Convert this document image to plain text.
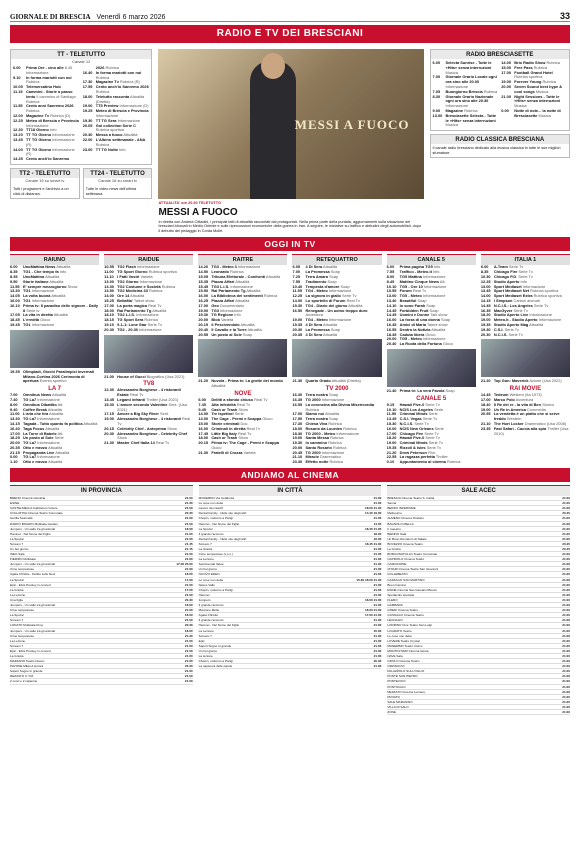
GIORNALE DI BRESCIA Venerdì 6 marzo 2026	33
RADIO E TV DEI BRESCIANI
TT - TELETUTTO
Canale 12
6.00	Prima Ore - cino alle 8.45 Informazione
9.10	In forma mariotti con noi Rubrica
10.05 Telemercatino Hub
11.15 Cammini - Storie a passo lento Il cammino di Santiago Rubrica
11.55 Cento anni Sanremo 2026 Rubrica
12.00 Magazine Tv Rubrica (D)
12.25 Meteo di Brescia e Provincia Informazione
12.30 TT18 Giorno Info
13.20 TT TG Giorno Informazione
13.45 TT TG Giorno Informazione (R)
14.00 TT TG Giorno Informazione (R)
14.35 Cento anch'io Sanremo
2026 Rubrica
16.40 In forma mariotti con noi Rubrica
17.30 Magazine Tv Rubrica (R)
17.55 Cento anch'io Sanremo 2026 Rubrica
18.00 Teletutto racconta Attualità (Diretta)
19.00 TT5 Preview Informazione (D)
19.25 Meteo di Brescia e Provincia Informazione
19.30 TT TG Sera Informazione
20.05 Gol collection Serie C Rubrica sportiva
20.30 Messa a fuoco Attualità
22.00 L'Albino settimanale - ANA Rubrica
23.00 TT TG Notte Info
TT2 - TELETUTTO
Canale 15 su smart tv
Tutti i programmi e l'archivio a un click di distanza.
TT24 - TELETUTTO
Canale 16 su smart tv
Tutte le video news dell'ultima settimana.
MESSI A FUOCO
ATTUALITA' ore 20.30 TELETUTTO
MESSI A FUOCO
In diretta con Andrea Cittadini, i principali fatti di attualità raccontati dai protagonisti. Nella prima parte della puntata, aggiornamenti sulla situazione dei bresciani bloccati in Medio Oriente e sulle ripercussioni economiche della guerra in Iran. A seguire, le iniziative su traffico e abitudini degli automobilisti, dopo il debutto del pedaggio in Corda Molle.
RADIO BRESCIASETTE
6.00	Selecta Sunrise - Tutte le «Hits» senza interruzioni Musica
7.00	Giornale Orario Locale ogni ora sino alle 20.00 Informazione
7.05	Buongiorno Brescia Rubrica
8.30	Giornale Orario Nazionale ogni ora sino alle 20.30 Informazione
9.00	Magazine Rubrica
13.00 Bresciasette Selecta - Tutte le «Hits» senza interruzioni Musica
14.00 Brio Radio Show Rubrica
15.00 Free Pass Rubrica
17.00 Football Grand Hotel Rubrica sportiva
19.00 Forever Young Rubrica
20.00 Seven Sound best hype & cool songs Musica
21.00 Night Sessions - Tutte le «Hits» senza interruzioni Musica
0.00	Notte di note... la notte di Bresciasette Musica
RADIO CLASSICA BRESCIANA
Il canale radio bresciano dedicato alla musica classica in tutte le sue migliori sfumature.
OGGI IN TV
RAIUNO
6.00	UnoMattina News Attualità
8.35	TG1 - Che tempo fa Info
8.35	UnoMattina Attualità
9.50	Storie italiane Attualità
11.55 E' sempre mezzogiorno Show
13.30 TG1 Informazione
14.05 La volta buona Attualità
16.00 TG1 Informazione
16.10 Prima tv: Il paradiso delle signore - Daily 8 Serie tv
17.05 La vita in diretta Attualità
18.45 L'eredità Gioco
19.45 TG1 Informazione
19.35 Olimpiadi, Giochi Paralimpici Invernali Milano-Cortina 2026 Cerimonia di apertura Evento sportivo
LA 7
7.00	Omnibus News Attualità
7.40	TG La7 Informazione
8.00	Omnibus Dibattito Att.
9.40	Coffee Break Attualità
11.00 L'aria che tira Attualità
13.30 TG La7 Informazione
14.15 Tagadà - Tutto quanto fa politica Attualità
16.40 Taga Focus Attualità
17.00 La Torre di Babele Att.
18.25 Un posto al Sole Serie
20.00 TG La7 Informazione
20.35 Otto e mezzo Attualità
21.15 Propaganda Live Attualità
0.00	TG La7 Informazione
1.10	Otto e mezzo Attualità
RAIDUE
10.55 TG2 Flash Informazione
11.00 TG Sport Giorno Rubrica sportiva
11.10 I Fatti Vostri Varietà
13.00 TG2 Giorno Informazione
13.30 TG2 Costume e Società Rubrica
13.50 TG2 Medicina 33 Rubrica
14.00 Ore 14 Attualità
15.25 BellaMa' Talent show
17.00 La porta magica Real Tv
18.00 Rai Parlamento Tg Attualità
18.10 TG2 L.I.S. Informazione
18.15 TG Sport Sera Rubrica
19.10 9-1-1: Lone Star Serie Tv
20.30 TG2 - 20.30 Informazione
21.00 House of Gucci Biografico (Usa 2021)
TV8
12.30 Alessandro Borghese - 4 ristoranti Estate Real Tv
13.45 Legami infranti Thriller (Usa 2021)
15.30 L'amore secondo Valentine Sent. (Usa 2021)
17.15 Amore a Big Sky River Sent.
19.00 Alessandro Borghese - 4 ristoranti Real Tv
20.15 Celebrity Chef - Anteprima Show
20.30 Alessandro Borghese - Celebrity Chef Show
21.30 Master Chef Italia 14 Real Tv
RAITRE
14.20 TG3 - Meteo 3 Informazione
14.50 Leonardo Rubrica
15.05 Tribuna Elettorale - Confronti Attualità
15.35 Piazza Affari Attualità
15.45 TG3 L.I.S. Informazione
15.50 Rai Parlamento Tg Attualità
16.00 La Biblioteca dei sentimenti Rubrica
16.25 Piazza Affari Attualità
17.00 Geo Documentario
19.00 TG3 Informazione
19.30 TG Regione Info
20.00 Blob Varietà
20.15 Il Pescivendolo Attualità
20.40 Il Cavallo e la Torre Attualità
20.55 Un posto al Sole Soap
21.20 Nuvola - Prima tv: La grotte del mondo Attualità
NOVE
6.00	Delitti a sfondo chiuso Real Tv
7.45	Alta infedeltà Real Tv
9.45	Cash or Trash Show
14.00 Tre Ispettori Serie
14.00 The Cage - Premi e Scappa Gioco
15.00 Storie criminali Doc.
16.00 Criminali in diretta Real Tv
17.45 Little Big Italy Real Tv
18.00 Cash or Trash Show
20.15 Prima tv: The Cage - Premi e Scappa Gioco
21.30 Fratelli di Crozza Varietà
RETEQUATTRO
6.05	4 Di Sera Attualità
7.00	La Promessa Soap
7.25	Terra Amara Soap
7.55	Tradimento Soap
10.40 Tempesta d'amore Soap
11.55 TG4 - Meteo Informazione
12.25 La signora in giallo Serie Tv
14.00 Lo sportello di Forum Real Tv
15.30 TG4 - Diario del giorno Attualità
16.50 Renegade - Un uomo troppo duro Avventura
19.00 TG4 - Meteo Informazione
19.35 4 Di Sera Attualità
20.30 La Promessa Soap
20.35 4 Di Sera Attualità
21.30 Quarto Grado Attualità (Diretta)
TV 2000
16.30 Terra nostra Soap
16.35 TG 2000 Informazione
16.55 La coroncina alla Divina Misericordia Rubrica
17.00 Siamo noi Attualità
17.50 Terra nostra Soap
17.30 Chiesa Viva Rubrica
18.00 Rosario da Lourdes Rubrica
18.30 TG 2000 - Meteo Informazione
19.00 Santa Messa Rubrica
19.30 In cammino Rubrica
20.00 Santo Rosario Rubrica
20.45 TG 2000 Informazione
21.10 Miracle Drammatico
23.30 Effetto notte Rubrica
CANALE 5
6.00	Prima pagina TG5 Info
7.55	Traffico - Meteo.it Info
8.00	TG5 Mattina Informazione
8.45	Mattino Cinque News Att.
10.10 TG5 - Ore 10 Informazione
10.55 Forum Real Tv
13.00 TG5 - Meteo Informazione
13.40 Beautiful Soap
14.10 Io sono Farah Soap
14.45 Forbidden Fruit Soap
14.45 Uomini e Donne Talk show
16.00 La forza di una donna Soap
16.45 Amici di Maria Talent show
16.55 Dentro la Notizia Attualità
18.45 Caduta libera Gioco
20.00 TG5 - Meteo Informazione
20.40 La Ruota della Fortuna Gioco
21.40 Prima tv: La vera Favola Soap
CANALE 5
9.15	Hawaii Five-0 Serie Tv
10.10 NCIS Los Angeles Serie
11.50 Criminal Minds Serie
13.45 C.S.I. Vegas Serie Tv
15.30 N.C.I.S. Serie Tv
16.00 NCIS New Orleans Serie
17.00 Chicago Fire Serie Tv
18.20 Hawaii Five-0 Serie Tv
19.00 Criminal Minds Serie Tv
19.35 Rizzoli & Isles Serie Tv
21.20 Drew Peterson Film
22.55 La ragazza perfetta Thriller
0.10	Appuntamento al cinema Rubrica
ITALIA 1
6.00	A-Team Serie Tv
8.35	Chicago Fire Serie Tv
10.30 Chicago P.D. Serie Tv
12.25 Studio Aperto Info
13.00 Sport Mediaset Informazione
13.45 Sport Mediaset Net Rubrica sportiva
14.00 Sport Mediaset Extra Rubrica sportiva
14.15 I Simpson Cartoni animati
14.45 N.C.I.S.: Los Angeles Serie Tv
16.35 MacGyver Serie Tv
18.20 Studio Aperto Live Informazione
19.00 Meteo.it - Studio Aperto Informazione
19.35 Studio Aperto Mag Attualità
19.30 C.S.I. Serie Tv
20.30 N.C.I.S. Serie Tv
21.20 Top Gun: Maverick Azione (Usa 2022)
RAI MOVIE
14.45 Tedeum Western (Ita 1973)
17.00 Marco Polo Avventura
18.40 Il Re dei re - la vita di Ben Storico
19.00 Un Re in America Commedia
20.55 La vendetta è un piatto che si serve freddo Western
21.10 The Hurt Locker Drammatico (Usa 2008)
23.35 Fast Safari - Caccia alla spia Thriller (Usa 2010)
ANDIAMO AL CINEMA
IN PROVINCIA
BRENO Cinema Giustizia	21.00
ESINE	21.30
CASTELMELLA Auditorium Colere	21.00
COLLATINA Cinema Teatro Comunale	20.30
Gorilla Scarcella	21.00
DARFO BOARIO Multisala Garden	21.00
Jumpers - Un salto tra gli animali	18.00
Hamnet - Nel Nome del Figlio	21.00
La Spoza!	21.00
Scream 7	21.45
Un bel giorno	21.15
ISEO Sala	21.00
FIERIDO Multisala	21.00
Jumpers - Un salto tra gli animali	17.00 20.00
Cime tempestose	21.00
Agata Christie - Delitto sulle Nevi	18.00
La Spoza!	17.00
Epic - Elvis Presley in concert	21.00
La Grazia	17.00
La Lezione	21.00
Una figlia	20.30
Jumpers - Un salto tra gli animali	18.00
Cime tempestose	21.00
La Spoza!	18.00
Scream 7	21.00
LONATO Multisala King	20.30
Jumpers - Un salto tra gli animali	18.00
Cime tempestose	21.30
La Lezione	21.00
Scream 7	21.00
Epic - Elvis Presley in concert	21.00
La Grazia	21.00
MAZZANO Teatro Nuovo	21.00
PAVONE MELLA Aurora	20.30
Sapori Sogno in grande	21.00
REZZATO C.T.M.	21.00
2 cuori e 2 capanne	21.00
IN CITTÀ
MODERNO Via Cefalonia	21.00
Le cose non dette	21.00
Lavoro da maschi	18.00 21.00
Rental Family - Nelle vite degli altri	14.40 19.00
Chopin, notturno a Parigi	21.00
Hamnet - Nel Nome del Figlio	14.35
La Spoza!	18.45 21.05
Il grande racconto	18.00
Rental Family - Nelle vite degli altri	16.00
Scream 7	18.45 21.00
La Grazia	21.00
Cime tempestose (v.o.s.)	21.05
La Lezione	21.00
Sentimental Value	21.00
Un bel giorno	21.00
NUOVO EDEN	21.00
Le cose non dette	15.30 18.00 21.00
Nasce Valle	21.00
Chopin, notturno a Parigi	21.00
Hamnet	21.00
Jumpers	18.00 21.00
Il grande racconto	21.00
Missione Melie	18.30 21.00
Agata Christie	17.00 21.00
Il grande racconto	21.00
Hamnet - Nel Nome del Figlio	21.00
La Lezione	15.00
Scream 7	21.00
Epic	21.00
Sapori Sogno in grande	21.00
Un bel giorno	21.00
La lezione	21.00
Chopin, notturno a Parigi	20.30
La sapienza delle parole	21.00
SALE ACEC
BRESCIA Cinema Teatro S. Giulia	21.00
Sanna	21.00
BERZO INFERIORE	21.00
Melbourne	20.45
ALMENO Cinema Oratorio	21.00
BAGNOLO MELLA	21.00
Il maestro	21.00
BIENNO Sala	21.00
Un Buon Romanzo di Natale	21.00
BOVEZZO Cinema Teatro	20.45
La Grazia	20.45
BORGOSATOLLO Teatro Comunale	21.00
CAPRIOLO Cinema Teatro	21.00
CAMIGNONE	21.00
CHIARI Cinema Teatro San Giovanni	21.00
COLLEBEATO	21.00
CAZZAGO SAN MARTINO	21.00
Buen Camino	21.00
ESINE Cinema San Giovanni Bosco	21.00
Spettacolo speciale	21.00
FLERO	21.00
GAMBARA	21.00
GHEDI Cinema Teatro	21.00
GUSSAGO Cinema Teatro	21.00
LEGNAGO	21.00
LODRINO Cine Teatro San Luigi	21.00
LOGRATO Teatro	21.00
Le cose non dette	21.00
LOVERE Teatro Crystal	21.00
MANERBIO Teatro Civico	21.00
MONTICHIARI Cinema Gloria	21.00
NAVE Sala	21.00
ODOLO Cinema Teatro	21.00
ORZINUOVI	21.00
PALAZZOLO SULL'OGLIO	21.00
PONTE SAN PIETRO	21.00
PONTEVICO	21.00
PONTOGLIO	21.00
REZZATO Cinema Lumiere	21.00
ROVATO	21.00
SALE MARASINO	21.00
VILLA DI SALO	21.00
ZONE	21.00
